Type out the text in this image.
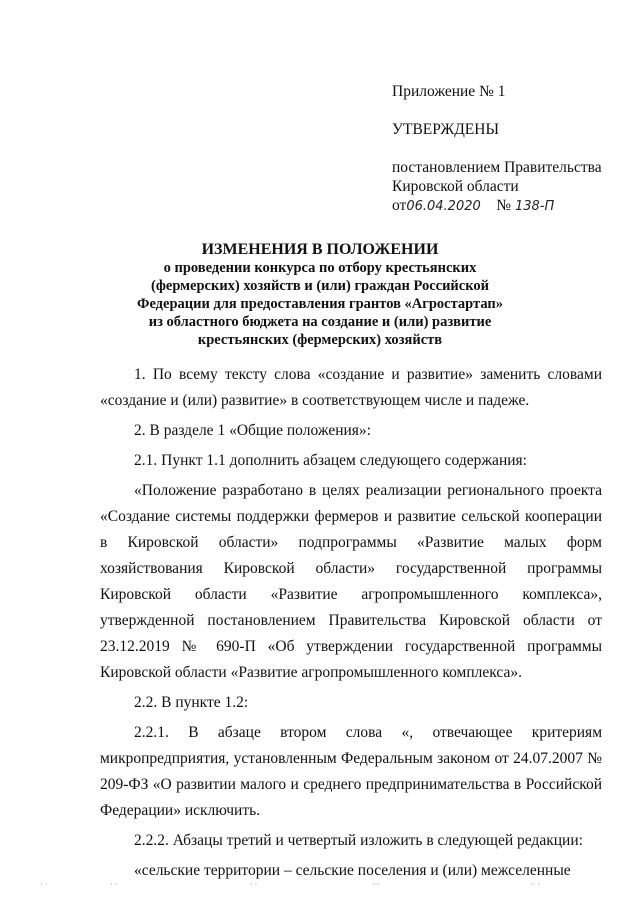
Приложение № 1
УТВЕРЖДЕНЫ
постановлением Правительства
Кировской области
от06.04.2020 № 138-П
ИЗМЕНЕНИЯ В ПОЛОЖЕНИИ
о проведении конкурса по отбору крестьянских
(фермерских) хозяйств и (или) граждан Российской
Федерации для предоставления грантов «Агростартап»
из областного бюджета на создание и (или) развитие
крестьянских (фермерских) хозяйств

1. По всему тексту слова «создание и развитие» заменить словами «создание и (или) развитие» в соответствующем числе и падеже.

2. В разделе 1 «Общие положения»:

2.1. Пункт 1.1 дополнить абзацем следующего содержания:

«Положение разработано в целях реализации регионального проекта «Создание системы поддержки фермеров и развитие сельской кооперации в Кировской области» подпрограммы «Развитие малых форм хозяйствования Кировской области» государственной программы Кировской области «Развитие агропромышленного комплекса», утвержденной постановлением Правительства Кировской области от 23.12.2019 № 690-П «Об утверждении государственной программы Кировской области «Развитие агропромышленного комплекса».

2.2. В пункте 1.2:

2.2.1. В абзаце втором слова «, отвечающее критериям микропредприятия, установленным Федеральным законом от 24.07.2007 № 209-ФЗ «О развитии малого и среднего предпринимательства в Российской Федерации» исключить.

2.2.2. Абзацы третий и четвертый изложить в следующей редакции:

«сельские территории – сельские поселения и (или) межселенные

· ·	· ·	· ·	···	·· ·
